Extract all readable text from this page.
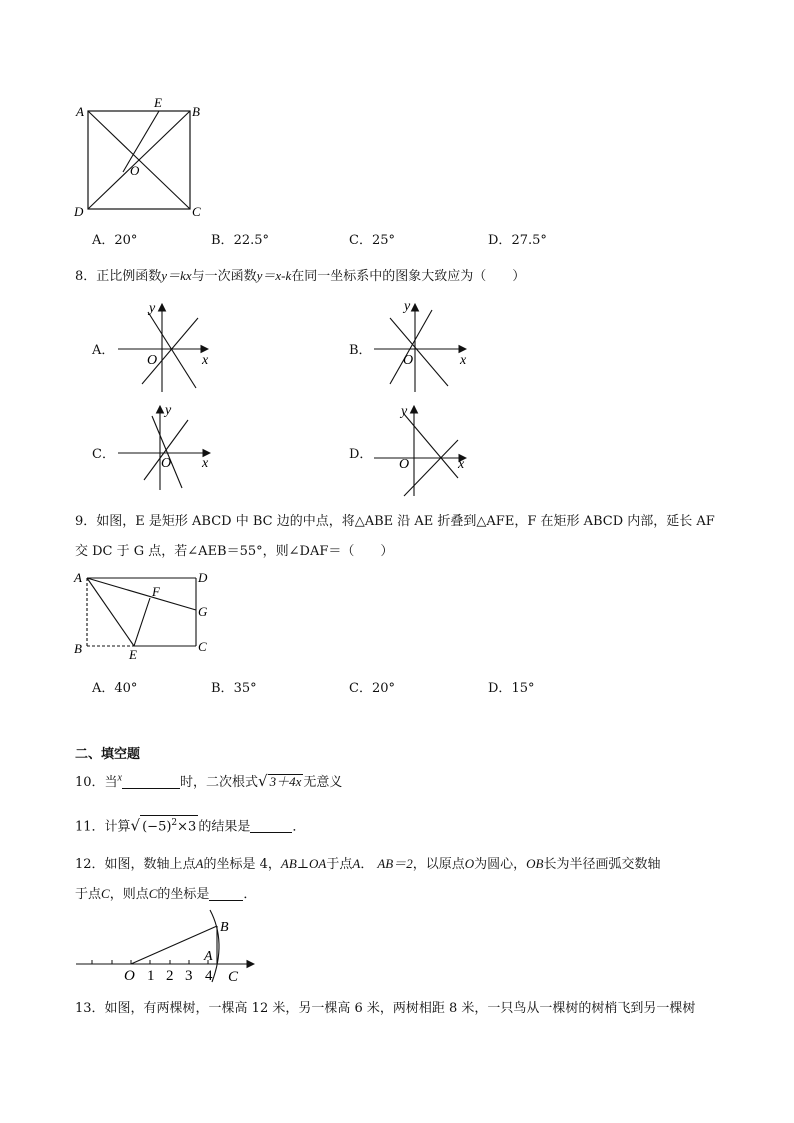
A
E
B
O
D	C
A．20°	B．22.5°	C．25°	D．27.5°
8．正比例函数y＝kx与一次函数y＝x-k在同一坐标系中的图象大致应为（　　）
A．
y
O	x
B．
y
O	x
C．
y
O x
D．
y
O	x
9．如图，E 是矩形 ABCD 中 BC 边的中点，将△ABE 沿 AE 折叠到△AFE，F 在矩形 ABCD 内部，延长 AF
交 DC 于 G 点，若∠AEB＝55°，则∠DAF＝（　　）
A	D
F
G
B	E
C
A．40°	B．35°	C．20°	D．15°
二、填空题
10．当$^x$	时，二次根式√ 3＋4x 无意义
11．计算√ $(-5)^2\times 3$ 的结果是	．
12．如图，数轴上点A的坐标是 4，AB⊥OA于点A． AB＝2，以原点O为圆心，OB长为半径画弧交数轴
于点C，则点C的坐标是	．
O 1 2 3 4
A
B
C
13．如图，有两棵树，一棵高 12 米，另一棵高 6 米，两树相距 8 米，一只鸟从一棵树的树梢飞到另一棵树
